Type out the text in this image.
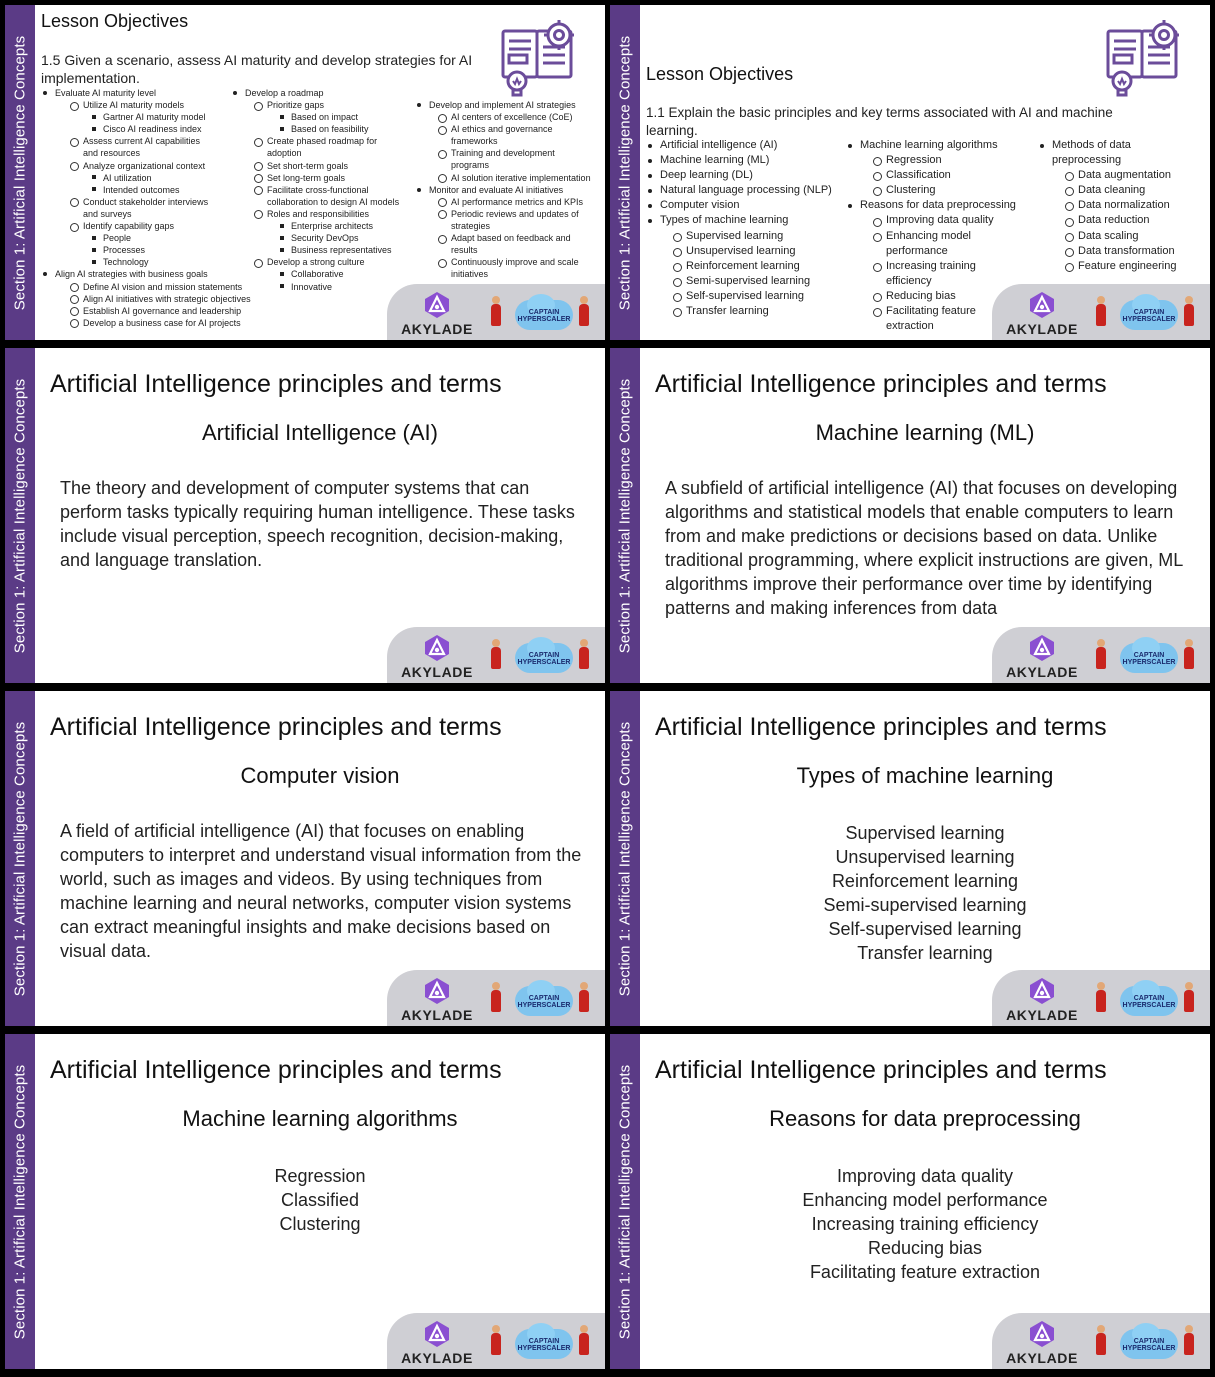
Section 1: Artificial Intelligence Concepts
Lesson Objectives
1.5 Given a scenario, assess AI maturity and develop strategies for AI implementation.
Evaluate AI maturity level
Utilize AI maturity models
Gartner AI maturity model
Cisco AI readiness index
Assess current AI capabilities
and resources
Analyze organizational context
AI utilization
Intended outcomes
Conduct stakeholder interviews
and surveys
Identify capability gaps
People
Processes
Technology
Align AI strategies with business goals
Define AI vision and mission statements
Align AI initiatives with strategic objectives
Establish AI governance and leadership
Develop a business case for AI projects
Develop a roadmap
Prioritize gaps
Based on impact
Based on feasibility
Create phased roadmap for
adoption
Set short-term goals
Set long-term goals
Facilitate cross-functional
collaboration to design AI models
Roles and responsibilities
Enterprise architects
Security DevOps
Business representatives
Develop a strong culture
Collaborative
Innovative
Develop and implement AI strategies
AI centers of excellence (CoE)
AI ethics and governance
frameworks
Training and development
programs
AI solution iterative implementation
Monitor and evaluate AI initiatives
AI performance metrics and KPIs
Periodic reviews and updates of
strategies
Adapt based on feedback and
results
Continuously improve and scale
initiatives
AKYLADE
CAPTAIN HYPERSCALER
Section 1: Artificial Intelligence Concepts Lesson Objectives
1.1 Explain the basic principles and key terms associated with AI and machine learning.
Artificial intelligence (AI)
Machine learning (ML)
Deep learning (DL)
Natural language processing (NLP)
Computer vision
Types of machine learning
Supervised learning
Unsupervised learning
Reinforcement learning
Semi-supervised learning
Self-supervised learning
Transfer learning
Machine learning algorithms
Regression
Classification
Clustering
Reasons for data preprocessing
Improving data quality
Enhancing model
performance
Increasing training
efficiency
Reducing bias
Facilitating feature
extraction
Methods of data
preprocessing
Data augmentation
Data cleaning
Data normalization
Data reduction
Data scaling
Data transformation
Feature engineering
AKYLADE
CAPTAIN HYPERSCALER
Section 1: Artificial Intelligence Concepts Artificial Intelligence principles and terms
Artificial Intelligence (AI)
The theory and development of computer systems that can perform tasks typically requiring human intelligence. These tasks include visual perception, speech recognition, decision-making, and language translation.
AKYLADE
CAPTAIN HYPERSCALER
Section 1: Artificial Intelligence Concepts Artificial Intelligence principles and terms
Machine learning (ML)
A subfield of artificial intelligence (AI) that focuses on developing algorithms and statistical models that enable computers to learn from and make predictions or decisions based on data. Unlike traditional programming, where explicit instructions are given, ML algorithms improve their performance over time by identifying patterns and making inferences from data
AKYLADE
CAPTAIN HYPERSCALER
Section 1: Artificial Intelligence Concepts Artificial Intelligence principles and terms
Computer vision
A field of artificial intelligence (AI) that focuses on enabling computers to interpret and understand visual information from the world, such as images and videos. By using techniques from machine learning and neural networks, computer vision systems can extract meaningful insights and make decisions based on visual data.
AKYLADE
CAPTAIN HYPERSCALER
Section 1: Artificial Intelligence Concepts Artificial Intelligence principles and terms
Types of machine learning
Supervised learning
Unsupervised learning
Reinforcement learning
Semi-supervised learning
Self-supervised learning
Transfer learning
AKYLADE
CAPTAIN HYPERSCALER
Section 1: Artificial Intelligence Concepts Artificial Intelligence principles and terms
Machine learning algorithms
Regression
Classified
Clustering
AKYLADE
CAPTAIN HYPERSCALER
Section 1: Artificial Intelligence Concepts Artificial Intelligence principles and terms
Reasons for data preprocessing
Improving data quality
Enhancing model performance
Increasing training efficiency
Reducing bias
Facilitating feature extraction
AKYLADE
CAPTAIN HYPERSCALER
